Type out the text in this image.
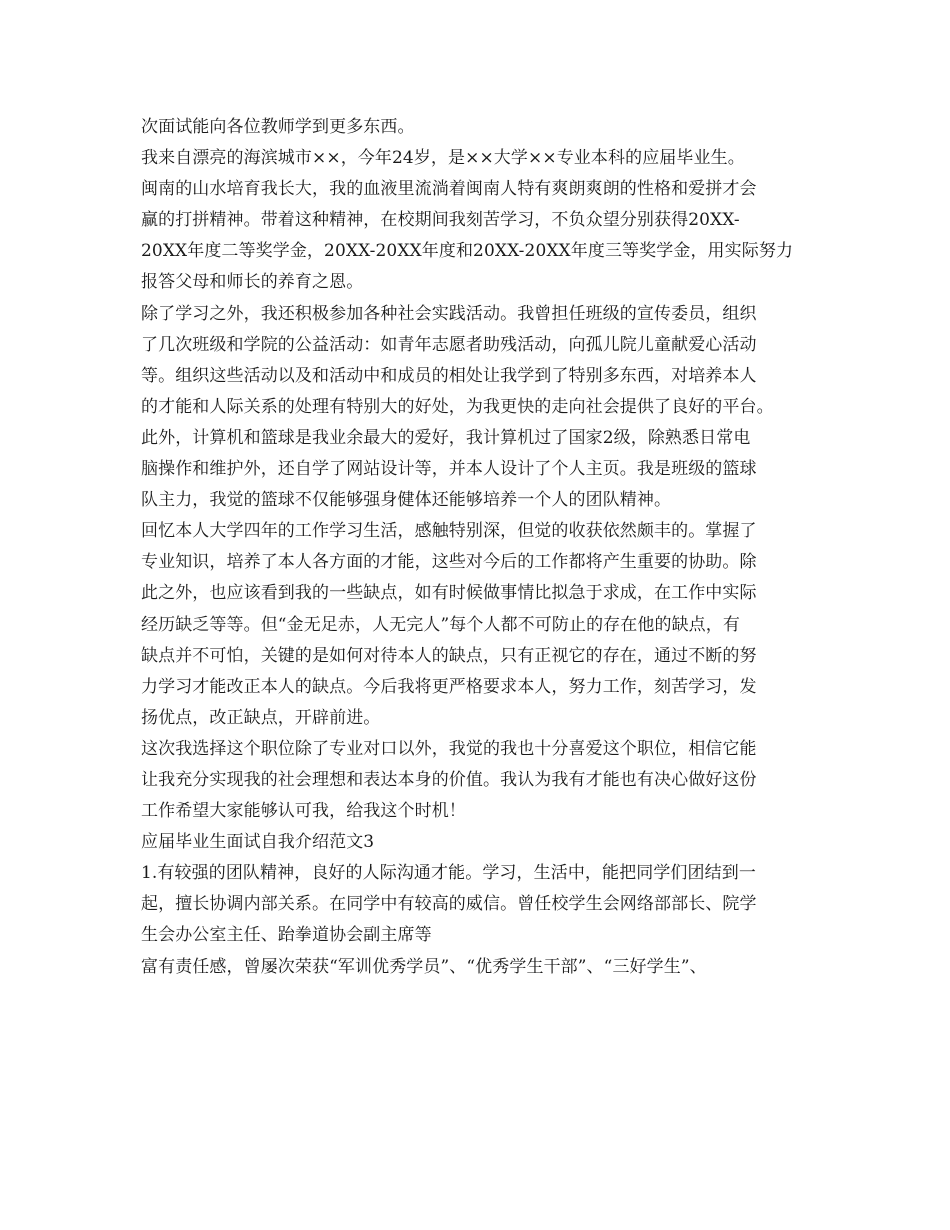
次面试能向各位教师学到更多东西。
我来自漂亮的海滨城市××，今年24岁，是××大学××专业本科的应届毕业生。
闽南的山水培育我长大，我的血液里流淌着闽南人特有爽朗爽朗的性格和爱拼才会
赢的打拼精神。带着这种精神，在校期间我刻苦学习，不负众望分别获得20XX-
20XX年度二等奖学金，20XX-20XX年度和20XX-20XX年度三等奖学金，用实际努力
报答父母和师长的养育之恩。
除了学习之外，我还积极参加各种社会实践活动。我曾担任班级的宣传委员，组织
了几次班级和学院的公益活动：如青年志愿者助残活动，向孤儿院儿童献爱心活动
等。组织这些活动以及和活动中和成员的相处让我学到了特别多东西，对培养本人
的才能和人际关系的处理有特别大的好处，为我更快的走向社会提供了良好的平台。
此外，计算机和篮球是我业余最大的爱好，我计算机过了国家2级，除熟悉日常电
脑操作和维护外，还自学了网站设计等，并本人设计了个人主页。我是班级的篮球
队主力，我觉的篮球不仅能够强身健体还能够培养一个人的团队精神。
回忆本人大学四年的工作学习生活，感触特别深，但觉的收获依然颇丰的。掌握了
专业知识，培养了本人各方面的才能，这些对今后的工作都将产生重要的协助。除
此之外，也应该看到我的一些缺点，如有时候做事情比拟急于求成，在工作中实际
经历缺乏等等。但“金无足赤，人无完人”每个人都不可防止的存在他的缺点，有
缺点并不可怕，关键的是如何对待本人的缺点，只有正视它的存在，通过不断的努
力学习才能改正本人的缺点。今后我将更严格要求本人，努力工作，刻苦学习，发
扬优点，改正缺点，开辟前进。
这次我选择这个职位除了专业对口以外，我觉的我也十分喜爱这个职位，相信它能
让我充分实现我的社会理想和表达本身的价值。我认为我有才能也有决心做好这份
工作希望大家能够认可我，给我这个时机！
应届毕业生面试自我介绍范文3
1.有较强的团队精神，良好的人际沟通才能。学习，生活中，能把同学们团结到一
起，擅长协调内部关系。在同学中有较高的威信。曾任校学生会网络部部长、院学
生会办公室主任、跆拳道协会副主席等
富有责任感，曾屡次荣获“军训优秀学员”、“优秀学生干部”、“三好学生”、
